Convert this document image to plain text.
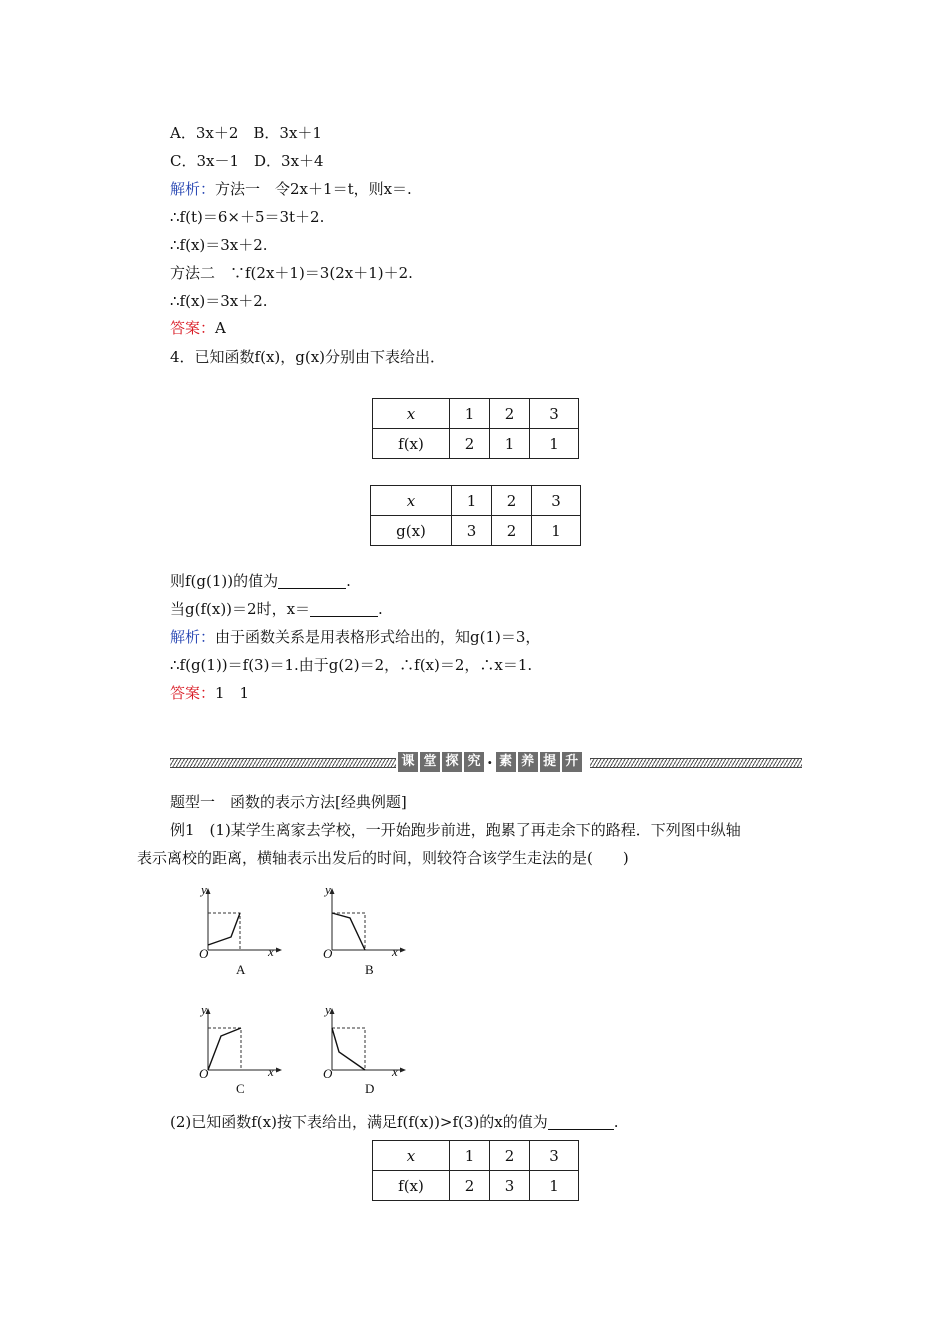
A．3x＋2　B．3x＋1
C．3x－1　D．3x＋4
解析：方法一　令2x＋1＝t，则x＝.
∴f(t)＝6×＋5＝3t＋2.
∴f(x)＝3x＋2.
方法二　∵f(2x＋1)＝3(2x＋1)＋2.
∴f(x)＝3x＋2.
答案：A
4．已知函数f(x)，g(x)分别由下表给出．
x	1	2	3
f(x)	2	1	1
x	1	2	3
g(x)	3	2	1
则f(g(1))的值为	.
当g(f(x))＝2时，x＝	.
解析：由于函数关系是用表格形式给出的，知g(1)＝3，
∴f(g(1))＝f(3)＝1.由于g(2)＝2，∴f(x)＝2，∴x＝1.
答案：1　1
课 堂 探 究 · 素 养 提 升
题型一　函数的表示方法[经典例题]
例1　(1)某学生离家去学校，一开始跑步前进，跑累了再走余下的路程．下列图中纵轴
表示离校的距离，横轴表示出发后的时间，则较符合该学生走法的是(　　)
y
x
O
A
y
x
O
B
y
x
O
C
y
x
O
D
(2)已知函数f(x)按下表给出，满足f(f(x))>f(3)的x的值为	.
x	1	2	3
f(x)	2	3	1
